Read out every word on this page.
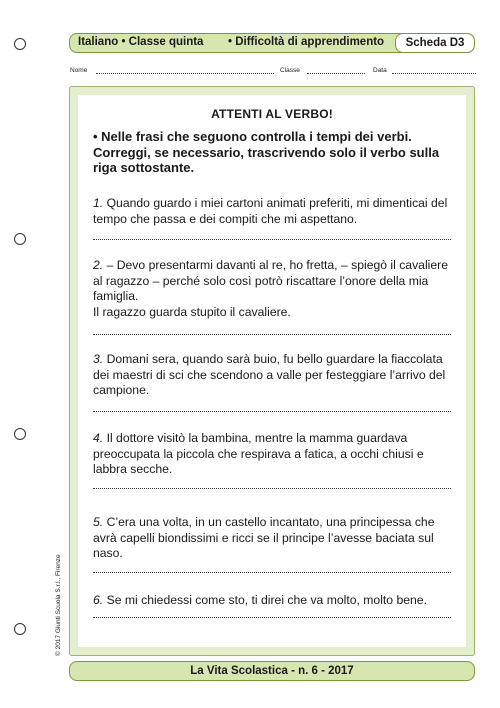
Italiano • Classe quinta • Difficoltà di apprendimento	Scheda D3
Nome	Classe	Data
ATTENTI AL VERBO!
• Nelle frasi che seguono controlla i tempi dei verbi. Correggi, se necessario, trascrivendo solo il verbo sulla riga sottostante.

1. Quando guardo i miei cartoni animati preferiti, mi dimenticai del tempo che passa e dei compiti che mi aspettano.

2. – Devo presentarmi davanti al re, ho fretta, – spiegò il cavaliere al ragazzo – perché solo così potrò riscattare l’onore della mia famiglia.

Il ragazzo guarda stupito il cavaliere.

3. Domani sera, quando sarà buio, fu bello guardare la fiaccolata dei maestri di sci che scendono a valle per festeggiare l’arrivo del campione.

4. Il dottore visitò la bambina, mentre la mamma guardava preoccupata la piccola che respirava a fatica, a occhi chiusi e labbra secche.

5. C’era una volta, in un castello incantato, una principessa che avrà capelli biondissimi e ricci se il principe l’avesse baciata sul naso.

6. Se mi chiedessi come sto, ti direi che va molto, molto bene.

© 2017 Giunti Scuola S.r.l., Firenze
La Vita Scolastica - n. 6 - 2017
